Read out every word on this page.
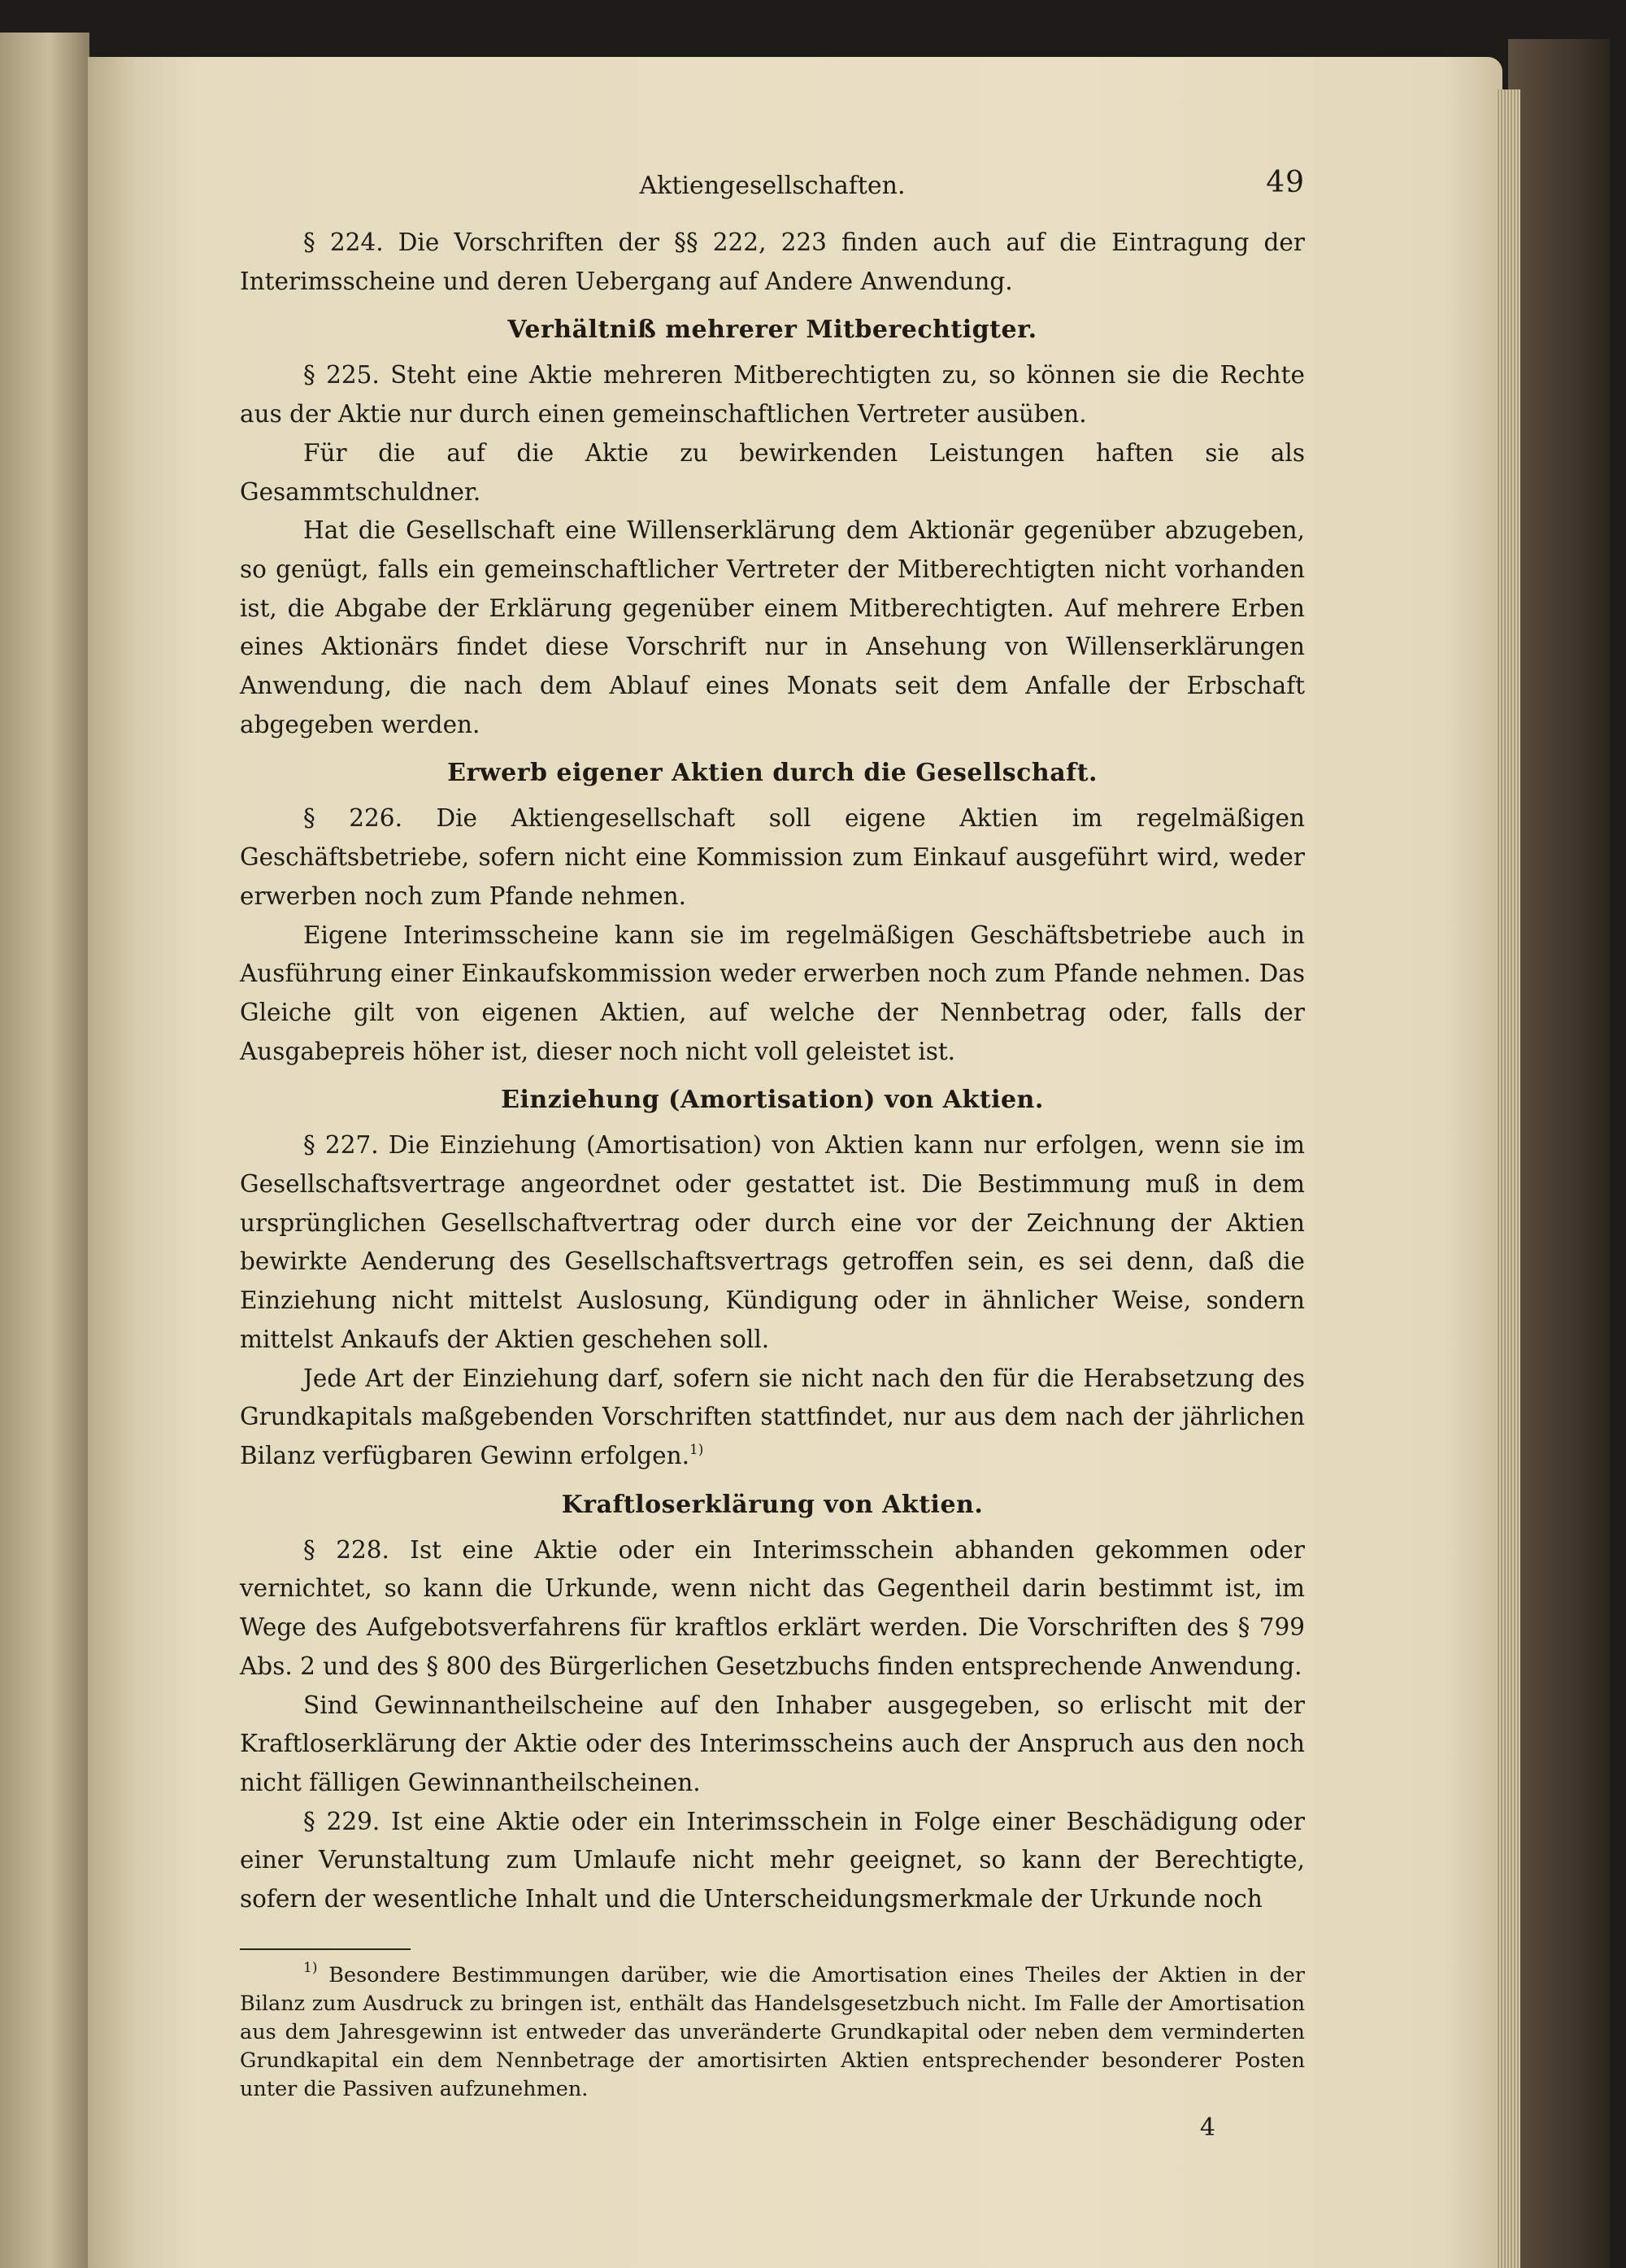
Aktiengesellschaften.	49

§ 224. Die Vorschriften der §§ 222, 223 finden auch auf die Eintragung der Interimsscheine und deren Uebergang auf Andere Anwendung.

Verhältniß mehrerer Mitberechtigter.

§ 225. Steht eine Aktie mehreren Mitberechtigten zu, so können sie die Rechte aus der Aktie nur durch einen gemeinschaftlichen Vertreter ausüben.

Für die auf die Aktie zu bewirkenden Leistungen haften sie als Gesammtschuldner.

Hat die Gesellschaft eine Willenserklärung dem Aktionär gegenüber abzugeben, so genügt, falls ein gemeinschaftlicher Vertreter der Mitberechtigten nicht vorhanden ist, die Abgabe der Erklärung gegenüber einem Mitberechtigten. Auf mehrere Erben eines Aktionärs findet diese Vorschrift nur in Ansehung von Willenserklärungen Anwendung, die nach dem Ablauf eines Monats seit dem Anfalle der Erbschaft abgegeben werden.

Erwerb eigener Aktien durch die Gesellschaft.

§ 226. Die Aktiengesellschaft soll eigene Aktien im regelmäßigen Geschäftsbetriebe, sofern nicht eine Kommission zum Einkauf ausgeführt wird, weder erwerben noch zum Pfande nehmen.

Eigene Interimsscheine kann sie im regelmäßigen Geschäftsbetriebe auch in Ausführung einer Einkaufskommission weder erwerben noch zum Pfande nehmen. Das Gleiche gilt von eigenen Aktien, auf welche der Nennbetrag oder, falls der Ausgabepreis höher ist, dieser noch nicht voll geleistet ist.

Einziehung (Amortisation) von Aktien.

§ 227. Die Einziehung (Amortisation) von Aktien kann nur erfolgen, wenn sie im Gesellschaftsvertrage angeordnet oder gestattet ist. Die Bestimmung muß in dem ursprünglichen Gesellschaftvertrag oder durch eine vor der Zeichnung der Aktien bewirkte Aenderung des Gesellschaftsvertrags getroffen sein, es sei denn, daß die Einziehung nicht mittelst Auslosung, Kündigung oder in ähnlicher Weise, sondern mittelst Ankaufs der Aktien geschehen soll.

Jede Art der Einziehung darf, sofern sie nicht nach den für die Herabsetzung des Grundkapitals maßgebenden Vorschriften stattfindet, nur aus dem nach der jährlichen Bilanz verfügbaren Gewinn erfolgen.$^{1)}$

Kraftloserklärung von Aktien.

§ 228. Ist eine Aktie oder ein Interimsschein abhanden gekommen oder vernichtet, so kann die Urkunde, wenn nicht das Gegentheil darin bestimmt ist, im Wege des Aufgebotsverfahrens für kraftlos erklärt werden. Die Vorschriften des § 799 Abs. 2 und des § 800 des Bürgerlichen Gesetzbuchs finden entsprechende Anwendung.

Sind Gewinnantheilscheine auf den Inhaber ausgegeben, so erlischt mit der Kraftloserklärung der Aktie oder des Interimsscheins auch der Anspruch aus den noch nicht fälligen Gewinnantheilscheinen.

§ 229. Ist eine Aktie oder ein Interimsschein in Folge einer Beschädigung oder einer Verunstaltung zum Umlaufe nicht mehr geeignet, so kann der Berechtigte, sofern der wesentliche Inhalt und die Unterscheidungsmerkmale der Urkunde noch

$^{1)}$ Besondere Bestimmungen darüber, wie die Amortisation eines Theiles der Aktien in der Bilanz zum Ausdruck zu bringen ist, enthält das Handelsgesetzbuch nicht. Im Falle der Amortisation aus dem Jahresgewinn ist entweder das unveränderte Grundkapital oder neben dem verminderten Grundkapital ein dem Nennbetrage der amortisirten Aktien entsprechender besonderer Posten unter die Passiven aufzunehmen.

4
